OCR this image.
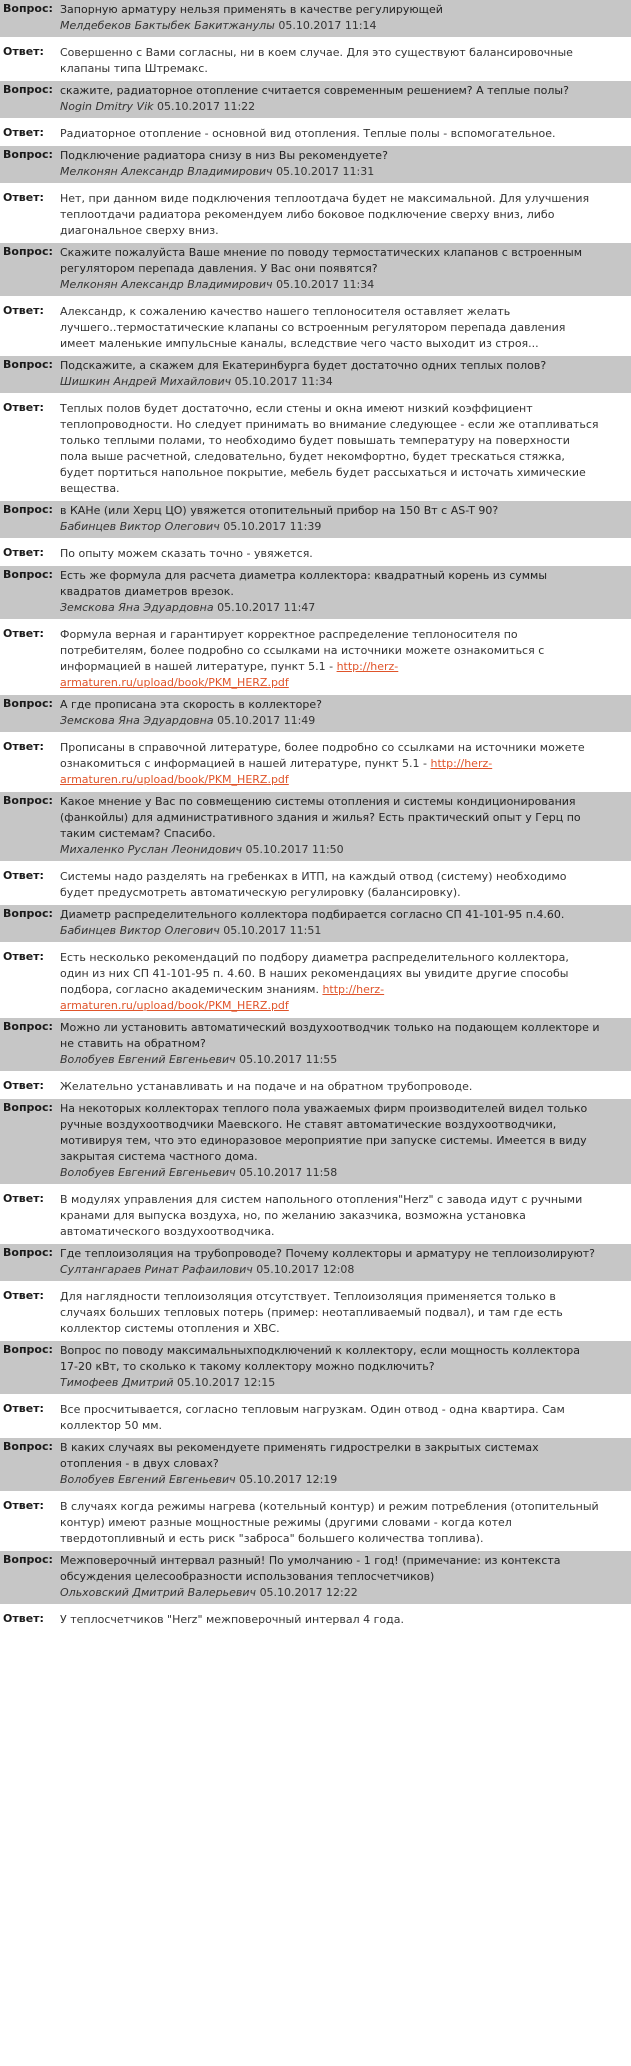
Вопрос: Запорную арматуру нельзя применять в качестве регулирующей
Мелдебеков Бактыбек Бакитжанулы 05.10.2017 11:14
Ответ:	Совершенно с Вами согласны, ни в коем случае. Для это существуют балансировочные клапаны типа Штремакс.
Вопрос: скажите, радиаторное отопление считается современным решением? А теплые полы?
Nogin Dmitry Vik 05.10.2017 11:22
Ответ:	Радиаторное отопление - основной вид отопления. Теплые полы - вспомогательное.
Вопрос: Подключение радиатора снизу в низ Вы рекомендуете?
Мелконян Александр Владимирович 05.10.2017 11:31
Ответ:	Нет, при данном виде подключения теплоотдача будет не максимальной. Для улучшения теплоотдачи радиатора рекомендуем либо боковое подключение сверху вниз, либо диагональное сверху вниз.
Вопрос: Скажите пожалуйста Ваше мнение по поводу термостатических клапанов с встроенным регулятором перепада давления. У Вас они появятся?
Мелконян Александр Владимирович 05.10.2017 11:34
Ответ:	Александр, к сожалению качество нашего теплоносителя оставляет желать лучшего..термостатические клапаны со встроенным регулятором перепада давления имеет маленькие импульсные каналы, вследствие чего часто выходит из строя...
Вопрос: Подскажите, а скажем для Екатеринбурга будет достаточно одних теплых полов?
Шишкин Андрей Михайлович 05.10.2017 11:34
Ответ:	Теплых полов будет достаточно, если стены и окна имеют низкий коэффициент теплопроводности. Но следует принимать во внимание следующее - если же отапливаться только теплыми полами, то необходимо будет повышать температуру на поверхности пола выше расчетной, следовательно, будет некомфортно, будет трескаться стяжка, будет портиться напольное покрытие, мебель будет рассыхаться и источать химические вещества.
Вопрос: в КАНе (или Херц ЦО) увяжется отопительный прибор на 150 Вт с AS-T 90?
Бабинцев Виктор Олегович 05.10.2017 11:39
Ответ:	По опыту можем сказать точно - увяжется.
Вопрос: Есть же формула для расчета диаметра коллектора: квадратный корень из суммы квадратов диаметров врезок.
Земскова Яна Эдуардовна 05.10.2017 11:47
Ответ:	Формула верная и гарантирует корректное распределение теплоносителя по потребителям, более подробно со ссылками на источники можете ознакомиться с информацией в нашей литературе, пункт 5.1 - http://herz-armaturen.ru/upload/book/PKM_HERZ.pdf
Вопрос: А где прописана эта скорость в коллекторе?
Земскова Яна Эдуардовна 05.10.2017 11:49
Ответ:	Прописаны в справочной литературе, более подробно со ссылками на источники можете ознакомиться с информацией в нашей литературе, пункт 5.1 - http://herz-armaturen.ru/upload/book/PKM_HERZ.pdf
Вопрос: Какое мнение у Вас по совмещению системы отопления и системы кондиционирования (фанкойлы) для административного здания и жилья? Есть практический опыт у Герц по таким системам? Спасибо.
Михаленко Руслан Леонидович 05.10.2017 11:50
Ответ:	Системы надо разделять на гребенках в ИТП, на каждый отвод (систему) необходимо будет предусмотреть автоматическую регулировку (балансировку).
Вопрос: Диаметр распределительного коллектора подбирается согласно СП 41-101-95 п.4.60.
Бабинцев Виктор Олегович 05.10.2017 11:51
Ответ:	Есть несколько рекомендаций по подбору диаметра распределительного коллектора, один из них СП 41-101-95 п. 4.60. В наших рекомендациях вы увидите другие способы подбора, согласно академическим знаниям. http://herz-armaturen.ru/upload/book/PKM_HERZ.pdf
Вопрос: Можно ли установить автоматический воздухоотводчик только на подающем коллекторе и не ставить на обратном?
Волобуев Евгений Евгеньевич 05.10.2017 11:55
Ответ:	Желательно устанавливать и на подаче и на обратном трубопроводе.
Вопрос: На некоторых коллекторах теплого пола уважаемых фирм производителей видел только ручные воздухоотводчики Маевского. Не ставят автоматические воздухоотводчики, мотивируя тем, что это единоразовое мероприятие при запуске системы. Имеется в виду закрытая система частного дома.
Волобуев Евгений Евгеньевич 05.10.2017 11:58
Ответ:	В модулях управления для систем напольного отопления"Herz" с завода идут с ручными кранами для выпуска воздуха, но, по желанию заказчика, возможна установка автоматического воздухоотводчика.
Вопрос: Где теплоизоляция на трубопроводе? Почему коллекторы и арматуру не теплоизолируют?
Султангараев Ринат Рафаилович 05.10.2017 12:08
Ответ:	Для наглядности теплоизоляция отсутствует. Теплоизоляция применяется только в случаях больших тепловых потерь (пример: неотапливаемый подвал), и там где есть коллектор системы отопления и ХВС.
Вопрос: Вопрос по поводу максимальныхподключений к коллектору, если мощность коллектора 17-20 кВт, то сколько к такому коллектору можно подключить?
Тимофеев Дмитрий 05.10.2017 12:15
Ответ:	Все просчитывается, согласно тепловым нагрузкам. Один отвод - одна квартира. Сам коллектор 50 мм.
Вопрос: В каких случаях вы рекомендуете применять гидрострелки в закрытых системах отопления - в двух словах?
Волобуев Евгений Евгеньевич 05.10.2017 12:19
Ответ:	В случаях когда режимы нагрева (котельный контур) и режим потребления (отопительный контур) имеют разные мощностные режимы (другими словами - когда котел твердотопливный и есть риск "заброса" большего количества топлива).
Вопрос: Межповерочный интервал разный! По умолчанию - 1 год! (примечание: из контекста обсуждения целесообразности использования теплосчетчиков)
Ольховский Дмитрий Валерьевич 05.10.2017 12:22
Ответ:	У теплосчетчиков "Herz" межповерочный интервал 4 года.
